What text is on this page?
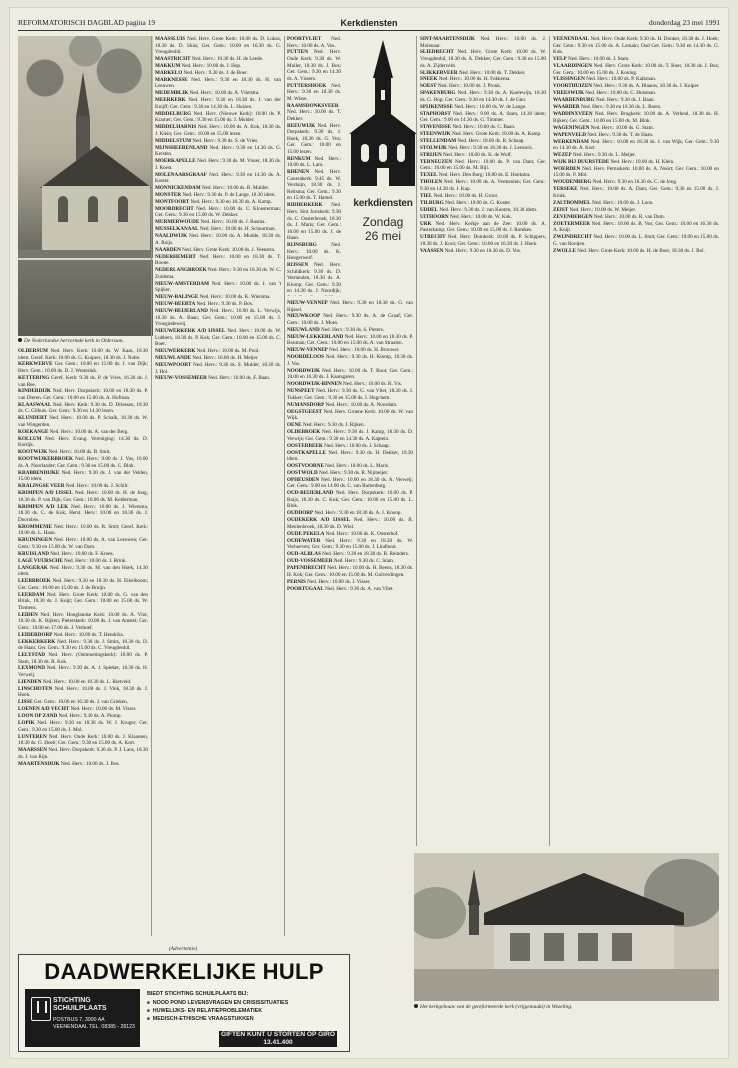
REFORMATORISCH DAGBLAD pagina 19	Kerkdiensten	donderdag 23 mei 1991
De Nederlandse hervormde kerk in Oldersum.
kerkdiensten
Zondag
26 mei

OLDERSUM Ned. Herv. Kerk: 10.00 ds. W. Kaas, 18.30 idem. Geref. Kerk: 10.00 ds. G. Kuipers, 18.30 ds. J. Nolte.

KERKWERVE Ger. Gem.: 10.00 en 15.00 ds. J. van Dijk; Herv. Gem.: 10.00 ds. D. J. Westerink.

KETTERING Geref. Kerk: 9.30 ds. P. de Vries, 16.30 ds. J. van Ree.

KINDERDIJK Ned. Herv. Dorpskerk: 10.00 en 18.30 ds. P. van Dieren. Ger. Gem.: 10.00 en 15.00 ds. A. Hofman.

KLAASWAAL Ned. Herv. Kerk: 9.30 ds. D. Driessen, 18.30 ds. C. Gilhuis. Ger. Gem.: 9.30 en 14.30 lezen.

KLUNDERT Ned. Herv.: 10.00 ds. P. Schalk, 18.30 ds. W. van Wingerden.

KOEKANGE Ned. Herv.: 10.00 ds. A. van der Berg.

KOLLUM Ned. Herv. Evang. Vereniging: 14.30 ds. D. Kortijk.

KOOTWIJK Ned. Herv.: 10.00 ds. B. Smit.

KOOTWIJKERBROEK Ned. Herv.: 9.00 ds. J. Vos, 18.00 ds. A. Noorlander; Ger. Gem.: 9.30 en 15.00 ds. C. Blok.

KRABBENDIJKE Ned. Herv.: 9.30 ds. J. van der Velden, 15.00 idem.

KRALINGSE VEER Ned. Herv.: 10.00 ds. J. Schilt.

KRIMPEN A/D IJSSEL Ned. Herv.: 10.00 ds. H. de Jong, 18.30 ds. P. van Dijk; Ger. Gem.: 10.00 ds. M. Kelderman.

KRIMPEN A/D LEK Ned. Herv.: 10.00 ds. J. Wiersma, 18.30 ds. C. de Kok; Herst. Herv.: 10.00 en 18.30 ds. J. Doornbos.

KROMMENIE Ned. Herv.: 10.00 ds. R. Smit; Geref. Kerk: 10.00 ds. L. Haan.

KRUININGEN Ned. Herv.: 10.00 ds. A. van Leeuwen; Ger. Gem.: 9.30 en 15.00 ds. W. van Dam.

KRUISLAND Ned. Herv.: 10.00 ds. F. Kroes.

LAGE VUURSCHE Ned. Herv.: 10.00 ds. J. Brink.

LANGERAK Ned. Herv.: 9.30 ds. M. van den Hoek, 14.30 idem.

LEERBROEK Ned. Herv.: 9.30 en 18.30 ds. H. Eikelboom; Ger. Gem.: 10.00 en 15.00 ds. J. de Bruijn.

LEERDAM Ned. Herv. Grote Kerk: 10.00 ds. G. van den Brink, 18.30 ds. J. Kuijt; Ger. Gem.: 10.00 en 15.00 ds. W. Tiemens.

LEIDEN Ned. Herv. Hooglandse Kerk: 10.00 ds. A. Vlot, 18.30 ds. K. Rijken; Pieterskerk: 10.00 ds. J. van Amstel; Ger. Gem.: 10.00 en 17.00 ds. J. Verhoef.

LEIDERDORP Ned. Herv.: 10.00 ds. T. Hendriks.

LEKKERKERK Ned. Herv.: 9.30 ds. J. Smits, 18.30 ds. D. de Haan; Ger. Gem.: 9.30 en 15.00 ds. C. Vreugdenhil.

LELYSTAD Ned. Herv. (Ontmoetingskerk): 10.00 ds. P. Stam, 18.30 ds. R. Kok.

LEXMOND Ned. Herv.: 9.30 ds. A. J. Spieker, 18.30 ds. H. Verweij.

LIENDEN Ned. Herv.: 10.00 en 18.30 ds. L. Rietveld.

LINSCHOTEN Ned. Herv.: 10.00 ds. J. Vink, 18.30 ds. J. Hoek.

LISSE Ger. Gem.: 10.00 en 16.30 ds. J. van Grieken.

LOENEN A/D VECHT Ned. Herv.: 10.00 ds. M. Visser.

LOON OP ZAND Ned. Herv.: 9.30 ds. A. Plomp.

LOPIK Ned. Herv.: 9.30 en 18.30 ds. W. J. Kruger; Ger. Gem.: 9.30 en 15.00 ds. J. Mol.

LUNTEREN Ned. Herv. Oude Kerk: 10.00 ds. J. Klaassen, 18.30 ds. G. Hoek; Ger. Gem.: 9.30 en 15.00 ds. A. Kort.

MAARSSEN Ned. Herv. Dorpskerk: 9.30 ds. P. J. Lans, 18.30 ds. J. van Rijn.

MAARTENSDIJK Ned. Herv.: 10.00 ds. J. Bos.

MAASSLUIS Ned. Herv. Grote Kerk: 10.00 ds. D. Lukas, 18.30 ds. D. Sluis; Ger. Gem.: 10.00 en 16.30 ds. G. Vreugdenhil.

MAASTRICHT Ned. Herv.: 10.30 ds. H. de Leede.

MAKKUM Ned. Herv.: 10.00 ds. J. Hop.

MARKELO Ned. Herv.: 9.30 ds. J. de Boer.

MARKNESSE Ned. Herv.: 9.30 en 18.30 ds. H. van Leeuwen.

MEDEMBLIK Ned. Herv.: 10.00 ds. A. Vlietstra.

MEERKERK Ned. Herv.: 9.30 en 18.30 ds. J. van der Knijff; Ger. Gem.: 9.30 en 14.30 ds. L. Huizen.

MIDDELBURG Ned. Herv. (Nieuwe Kerk): 10.00 ds. P. Kramer; Ger. Gem.: 9.30 en 15.00 ds. J. Mulder.

MIDDELHARNIS Ned. Herv.: 10.00 ds. A. Kok, 18.30 ds. J. Klein; Ger. Gem.: 10.00 en 15.00 lezen.

MIDDELSTUM Ned. Herv.: 9.30 ds. S. de Vries.

MIJNSHEERENLAND Ned. Herv.: 9.30 en 14.30 ds. G. Kersten.

MOERKAPELLE Ned. Herv.: 9.30 ds. M. Visser, 18.30 ds. J. Roest.

MOLENAARSGRAAF Ned. Herv.: 9.30 en 14.30 ds. A. Koster.

MONNICKENDAM Ned. Herv.: 10.00 ds. B. Mulder.

MONSTER Ned. Herv.: 9.30 ds. P. de Lange, 18.30 idem.

MONTFOORT Ned. Herv.: 9.30 en 18.30 ds. A. Kamp.

MOORDRECHT Ned. Herv.: 10.00 ds. C. Kloosterman; Ger. Gem.: 9.30 en 15.00 ds. W. Dekker.

MURMERWOUDE Ned. Herv.: 10.00 ds. J. Bosma.

MUSSELKANAAL Ned. Herv.: 10.00 ds. H. Schuurman.

NAALDWIJK Ned. Herv.: 10.00 ds. A. Mudde, 18.30 ds. A. Ruijs.

NAARDEN Ned. Herv. Grote Kerk: 10.00 ds. J. Veenstra.

NEDERHEMERT Ned. Herv.: 10.00 en 18.30 ds. T. Boone.

NEDERLANGBROEK Ned. Herv.: 9.30 en 18.30 ds. W. C. Zuidema.

NIEUW-AMSTERDAM Ned. Herv.: 10.00 ds. J. van 't Spijker.

NIEUW-BALINGE Ned. Herv.: 10.00 ds. K. Wiersma.

NIEUW-BEERTA Ned. Herv.: 9.30 ds. P. Bos.

NIEUW-BEIJERLAND Ned. Herv.: 10.00 ds. L. Verwijs, 18.30 ds. A. Baan; Ger. Gem.: 10.00 en 15.00 ds. J. Vroegindeweij.

NIEUWERKERK A/D IJSSEL Ned. Herv.: 10.00 ds. W. Lubbers, 18.30 ds. P. Kok; Ger. Gem.: 10.00 en 15.00 ds. C. Boer.

NIEUWERKERK Ned. Herv.: 10.00 ds. M. Pool.

NIEUWLANDE Ned. Herv.: 10.00 ds. H. Meijer.

NIEUWPOORT Ned. Herv.: 9.30 ds. S. Mulder, 18.30 ds. J. Hol.

NIEUW-VOSSEMEER Ned. Herv.: 10.00 ds. F. Baan.

NIEUW-VENNEP Ned. Herv.: 9.30 en 18.30 ds. G. van Rijssel.

NIEUWKOOP Ned. Herv.: 9.30 ds. A. de Graaf; Ger. Gem.: 10.00 ds. J. Moes.

NIEUWLAND Ned. Herv.: 9.30 ds. S. Pieters.

NIEUW-LEKKERLAND Ned. Herv.: 10.00 en 18.30 ds. P. Bouman; Ger. Gem.: 10.00 en 15.00 ds. A. van Straalen.

NIEUW-VENNEP Ned. Herv.: 10.00 ds. H. Brouwer.

NOORDELOOS Ned. Herv.: 9.30 ds. H. Klomp, 18.30 ds. J. Vos.

NOORDWIJK Ned. Herv.: 10.00 ds. T. Boot; Ger. Gem.: 10.00 en 16.30 ds. J. Kaarsgaren.

NOORDWIJK-BINNEN Ned. Herv.: 10.00 ds. R. Vis.

NUNSPEET Ned. Herv.: 9.30 ds. G. van Vliet, 18.30 ds. J. Tukker; Ger. Gem.: 9.30 en 15.00 ds. J. Hogchem.

NUMANSDORP Ned. Herv.: 10.00 ds. A. Noordam.

OEGSTGEEST Ned. Herv. Groene Kerk: 10.00 ds. W. van Wijk.

OENE Ned. Herv.: 9.30 ds. J. Rijken.

OLDEBROEK Ned. Herv.: 9.30 ds. J. Kamp, 18.30 ds. D. Verwijs; Ger. Gem.: 9.30 en 14.30 ds. A. Kaptein.

OOSTERBEEK Ned. Herv.: 10.00 ds. J. Schaap.

OOSTKAPELLE Ned. Herv.: 9.30 ds. H. Dekker, 18.30 idem.

OOSTVOORNE Ned. Herv.: 10.00 ds. L. Maris.

OOSTWOLD Ned. Herv.: 9.30 ds. R. Nijmeijer.

OPHEUSDEN Ned. Herv.: 10.00 en 18.30 ds. A. Verweij; Ger. Gem.: 9.00 en 14.00 ds. C. van Ruitenburg.

OUD-BEIJERLAND Ned. Herv. Dorpskerk: 10.00 ds. P. Ruijs, 18.30 ds. C. Kok; Ger. Gem.: 10.00 en 15.00 ds. L. Blok.

OUDDORP Ned. Herv.: 9.30 en 18.30 ds. A. J. Knoop.

OUDEKERK A/D IJSSEL Ned. Herv.: 10.00 ds. B. Meulenbroek, 18.30 ds. D. Wiel.

OUDE PEKELA Ned. Herv.: 10.00 ds. K. Oosterhof.

OUDEWATER Ned. Herv.: 9.30 en 18.30 ds. W. Verhoeven; Ger. Gem.: 9.30 en 15.00 ds. J. Lindhout.

OUD-ALBLAS Ned. Herv.: 9.30 en 18.30 ds. B. Reinders.

OUD-VOSSEMEER Ned. Herv.: 9.30 ds. C. Stam.

PAPENDRECHT Ned. Herv.: 10.00 ds. H. Beens, 18.30 ds. H. Kok; Ger. Gem.: 10.00 en 15.00 ds. M. Golverdingen.

PERNIS Ned. Herv.: 10.00 ds. J. Visser.

POORTUGAAL Ned. Herv.: 9.30 ds. A. van Vliet.

POORTVLIET Ned. Herv.: 10.00 ds. A. Vos.

PUTTEN Ned. Herv. Oude Kerk: 9.30 ds. W. Muller, 18.30 ds. J. Bos; Ger. Gem.: 9.30 en 14.30 ds. A. Vissers.

PUTTERSHOEK Ned. Herv.: 9.30 en 18.30 ds. M. Wisse.

RAAMSDONKSVEER Ned. Herv.: 10.00 ds. T. Dekker.

REEUWIJK Ned. Herv. Dorpskerk: 9.30 ds. J. Hoek, 18.30 ds. G. Vos; Ger. Gem.: 10.00 en 15.00 lezen.

RENKUM Ned. Herv.: 10.00 ds. L. Lam.

RHENEN Ned. Herv. Cunerakerk: 9.45 ds. W. Verduijn, 18.30 ds. J. Reitsma; Ger. Gem.: 9.30 en 15.00 ds. T. Hamel.

RIDDERKERK Ned. Herv. Sint Joriskerk: 9.30 ds. C. Oosterbroek, 18.30 ds. J. Maris; Ger. Gem.: 10.00 en 15.00 ds. J. de Haan.

RIJNSBURG Ned. Herv.: 10.00 ds. K. Hoogerwerf.

RIJSSEN Ned. Herv. Schildkerk: 9.30 ds. D. Vermeulen, 18.30 ds. A. Klomp; Ger. Gem.: 9.30 en 14.30 ds. J. Noordijk;

SINT-MAARTENSDIJK Ned. Herv.: 10.00 ds. J. Molenaar.

SLIEDRECHT Ned. Herv. Grote Kerk: 10.00 ds. W. Vreugdenhil, 18.30 ds. A. Dekker; Ger. Gem.: 9.30 en 15.00 ds. A. Zijderveld.

SLIKKERVEER Ned. Herv.: 10.00 ds. T. Dekker.

SNEEK Ned. Herv.: 10.00 ds. H. Fokkema.

SOEST Ned. Herv.: 10.00 ds. J. Pronk.

SPAKENBURG Ned. Herv.: 9.30 ds. A. Koelewijn, 18.30 ds. G. Hop; Ger. Gem.: 9.30 en 14.30 ds. J. de Gier.

SPIJKENISSE Ned. Herv.: 10.00 ds. W. de Lange.

STAPHORST Ned. Herv.: 9.00 ds. A. Stam, 14.30 idem; Ger. Gem.: 9.00 en 14.30 ds. G. Timmer.

STAVENISSE Ned. Herv.: 10.00 ds. C. Baan.

STEENWIJK Ned. Herv. Grote Kerk: 10.00 ds. A. Kamp.

STELLENDAM Ned. Herv.: 10.00 ds. B. Schaap.

STOLWIJK Ned. Herv.: 9.30 en 18.30 ds. J. Leeuwis.

STRIJEN Ned. Herv.: 10.00 ds. K. de Wolf.

TERNEUZEN Ned. Herv.: 10.00 ds. P. van Dam; Ger. Gem.: 10.00 en 15.00 ds. M. Bijl.

TEXEL Ned. Herv. Den Burg: 10.00 ds. E. Hoekstra.

THOLEN Ned. Herv.: 10.00 ds. A. Vermeulen; Ger. Gem.: 9.30 en 14.30 ds. J. Kap.

TIEL Ned. Herv.: 10.00 ds. H. Groot.

TILBURG Ned. Herv.: 10.00 ds. G. Koster.

UDDEL Ned. Herv.: 9.30 ds. J. van Kooten, 18.30 idem.

UITHOORN Ned. Herv.: 10.00 ds. W. Kok.

URK Ned. Herv. Kerkje aan de Zee: 10.00 ds. A. Pasterkamp; Ger. Gem.: 10.00 en 15.00 ds. J. Romkes.

UTRECHT Ned. Herv. Domkerk: 10.00 ds. P. Schippers, 18.30 ds. J. Kool; Ger. Gem.: 10.00 en 16.30 ds. J. Hoek.

VAASSEN Ned. Herv.: 9.30 en 18.30 ds. D. Vos.

VEENENDAAL Ned. Herv. Oude Kerk: 9.30 ds. H. Donker, 18.30 ds. J. Hoek; Ger. Gem.: 9.30 en 15.00 ds. A. Lamain; Oud Ger. Gem.: 9.30 en 14.30 ds. G. Kok.

VELP Ned. Herv.: 10.00 ds. J. Stam.

VLAARDINGEN Ned. Herv. Grote Kerk: 10.00 ds. T. Boer, 18.30 ds. J. Bos; Ger. Gem.: 10.00 en 15.00 ds. J. Koning.

VLISSINGEN Ned. Herv.: 10.00 ds. P. Kalkman.

VOORTHUIZEN Ned. Herv.: 9.30 ds. A. Blaauw, 18.30 ds. J. Kuiper.

VREESWIJK Ned. Herv.: 10.00 ds. C. Huisman.

WAARDENBURG Ned. Herv.: 9.30 ds. J. Baan.

WAARDER Ned. Herv.: 9.30 en 18.30 ds. L. Boers.

WADDINXVEEN Ned. Herv. Brugkerk: 10.00 ds. A. Verheul, 18.30 ds. H. Rijken; Ger. Gem.: 10.00 en 15.00 ds. M. Blok.

WAGENINGEN Ned. Herv.: 10.00 ds. G. Stam.

WAPENVELD Ned. Herv.: 9.30 ds. T. de Haan.

WERKENDAM Ned. Herv.: 10.00 en 18.30 ds. J. van Wijk; Ger. Gem.: 9.30 en 14.30 ds. A. Kort.

WEZEP Ned. Herv.: 9.30 ds. L. Meijer.

WIJK BIJ DUURSTEDE Ned. Herv.: 10.00 ds. H. Klein.

WOERDEN Ned. Herv. Petruskerk: 10.00 ds. A. Noort; Ger. Gem.: 10.00 en 15.00 ds. P. Mol.

WOUDENBERG Ned. Herv.: 9.30 en 18.30 ds. C. de Jong.

YERSEKE Ned. Herv.: 10.00 ds. A. Dam; Ger. Gem.: 9.30 en 15.00 ds. J. Kruik.

ZALTBOMMEL Ned. Herv.: 10.00 ds. J. Loon.

ZEIST Ned. Herv.: 10.00 ds. W. Meijer.

ZEVENBERGEN Ned. Herv.: 10.00 ds. R. van Dam.

ZOETERMEER Ned. Herv.: 10.00 ds. B. Vos; Ger. Gem.: 10.00 en 16.30 ds. A. Kuijt.

ZWIJNDRECHT Ned. Herv.: 10.00 ds. L. Smit; Ger. Gem.: 10.00 en 15.00 ds. G. van Rooijen.

ZWOLLE Ned. Herv. Grote Kerk: 10.00 ds. H. de Boer, 18.30 ds. J. Bol.

Het kerkgebouw van de gereformeerde kerk (vrijgemaakt) in Wezeling.
(Advertentie)
DAADWERKELIJKE HULP
STICHTING SCHUILPLAATS
POSTBUS 7, 3900 AA VEENENDAAL TEL. 08385 - 28123
BIEDT STICHTING SCHUILPLAATS BIJ:
■ NOOD POND LEVENSVRAGEN EN CRISISSITUATIES
■ HUWELIJKS- EN RELATIEPROBLEMATIEK
■ MEDISCH-ETHISCHE VRAAGSTUKKEN
GIFTEN KUNT U STORTEN OP GIRO 13.41.400
